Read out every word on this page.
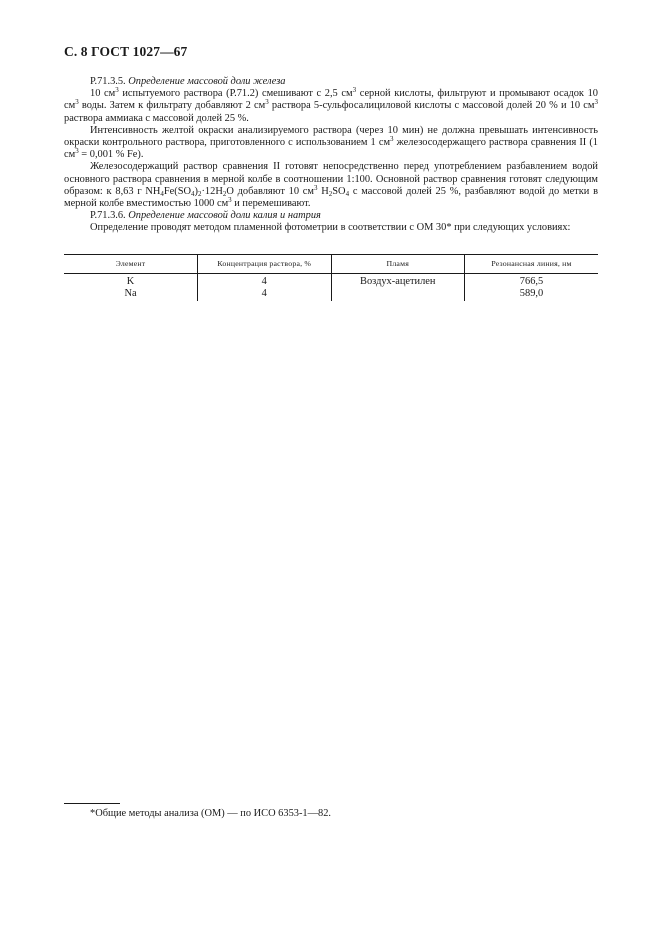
С. 8 ГОСТ 1027—67
Р.71.3.5. Определение массовой доли железа

10 $см^3$ испытуемого раствора (Р.71.2) смешивают с 2,5 $см^3$ серной кислоты, фильтруют и промывают осадок 10 $см^3$ воды. Затем к фильтрату добавляют 2 $см^3$ раствора 5-сульфосалициловой кислоты с массовой долей 20 % и 10 $см^3$ раствора аммиака с массовой долей 25 %.

Интенсивность желтой окраски анализируемого раствора (через 10 мин) не должна превышать интенсивность окраски контрольного раствора, приготовленного с использованием 1 $см^3$ железосодержащего раствора сравнения II (1 $см^3 = 0,001$ % Fe).

Железосодержащий раствор сравнения II готовят непосредственно перед употреблением разбавлением водой основного раствора сравнения в мерной колбе в соотношении 1:100. Основной раствор сравнения готовят следующим образом: к 8,63 г $NH_4Fe(SO_4)_2\cdot 12H_2O$ добавляют 10 $см^3$ $H_2SO_4$ с массовой долей 25 %, разбавляют водой до метки в мерной колбе вместимостью 1000 $см^3$ и перемешивают.

Р.71.3.6. Определение массовой доли калия и натрия

Определение проводят методом пламенной фотометрии в соответствии с ОМ 30* при следующих условиях:

Элемент	Концентрация раствора, %	Пламя	Резонансная линия, нм
K	4	Воздух-ацетилен	766,5
Na	4		589,0
*Общие методы анализа (ОМ) — по ИСО 6353-1—82.
